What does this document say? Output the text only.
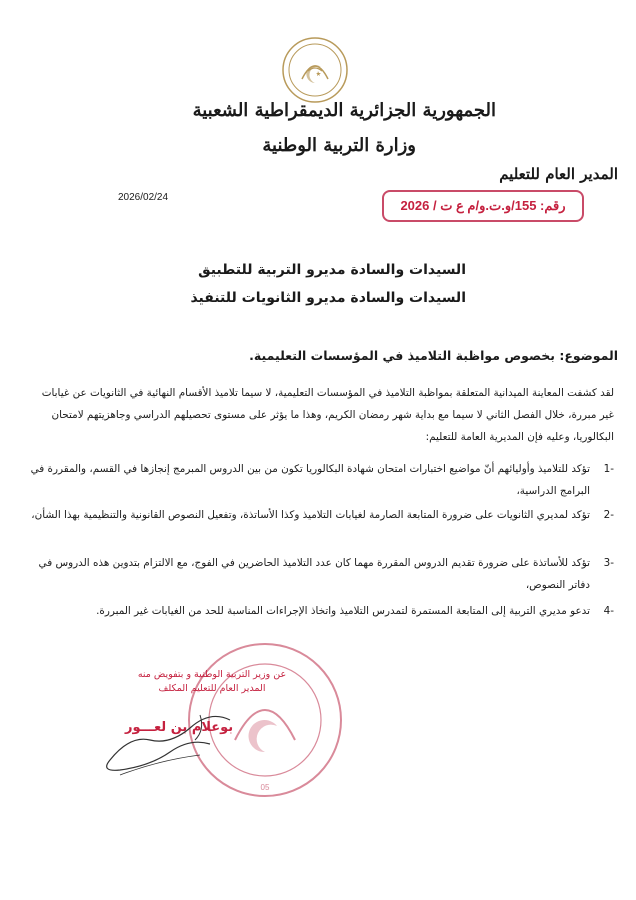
الجمهورية الجزائرية الديمقراطية الشعبية
وزارة التربية الوطنية
المدير العام للتعليم
2026/02/24
رقم: 155/و.ت.و/م ع ت / 2026
السيدات والسادة مديرو التربية للتطبيق
السيدات والسادة مديرو الثانويات للتنفيذ
الموضوع: بخصوص مواظبة التلاميذ في المؤسسات التعليمية.
لقد كشفت المعاينة الميدانية المتعلقة بمواظبة التلاميذ في المؤسسات التعليمية، لا سيما تلاميذ الأقسام النهائية في الثانويات عن غيابات غير مبررة، خلال الفصل الثاني لا سيما مع بداية شهر رمضان الكريم، وهذا ما يؤثر على مستوى تحصيلهم الدراسي وجاهزيتهم لامتحان البكالوريا، وعليه فإن المديرية العامة للتعليم:
-1
تؤكد للتلاميذ وأوليائهم أنّ مواضيع اختبارات امتحان شهادة البكالوريا تكون من بين الدروس المبرمج إنجازها في القسم، والمقررة في البرامج الدراسية،
-2
تؤكد لمديري الثانويات على ضرورة المتابعة الصارمة لغيابات التلاميذ وكذا الأساتذة، وتفعيل النصوص القانونية والتنظيمية بهذا الشأن،
-3
تؤكد للأساتذة على ضرورة تقديم الدروس المقررة مهما كان عدد التلاميذ الحاضرين في الفوج، مع الالتزام بتدوين هذه الدروس في دفاتر النصوص،
-4
تدعو مديري التربية إلى المتابعة المستمرة لتمدرس التلاميذ واتخاذ الإجراءات المناسبة للحد من الغيابات غير المبررة.
05
عن وزير التربية الوطنية و بتفويض منه
المدير العام للتعليم المكلف
بوعلام بن لعـــور
